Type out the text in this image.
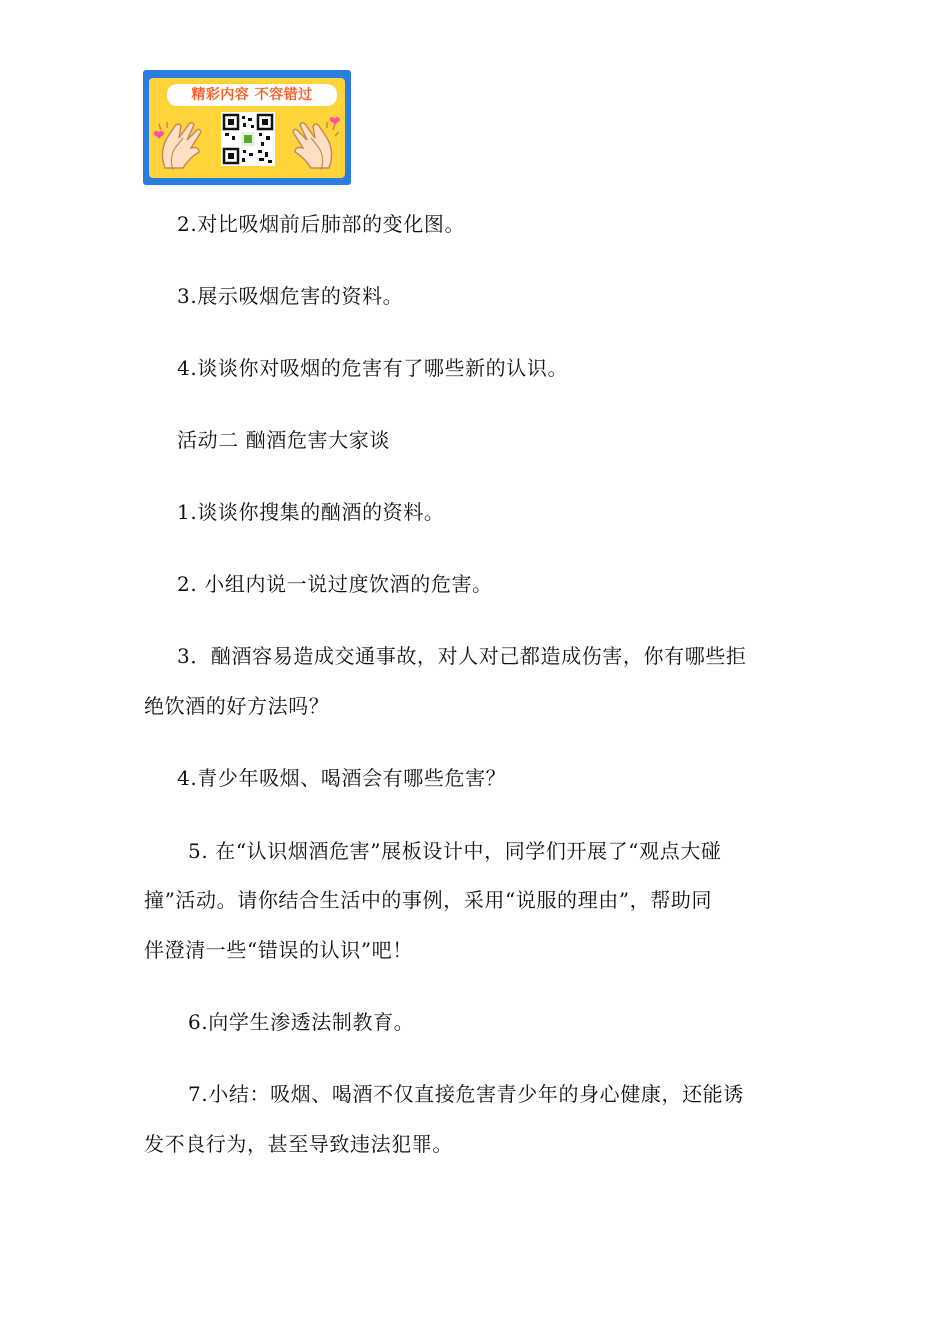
精彩内容 不容错过
❤
❤
2.对比吸烟前后肺部的变化图。
3.展示吸烟危害的资料。
4.谈谈你对吸烟的危害有了哪些新的认识。
活动二 酗酒危害大家谈
1.谈谈你搜集的酗酒的资料。
2. 小组内说一说过度饮酒的危害。
3．酗酒容易造成交通事故，对人对己都造成伤害，你有哪些拒
绝饮酒的好方法吗？
4.青少年吸烟、喝酒会有哪些危害？
5. 在“认识烟酒危害”展板设计中，同学们开展了“观点大碰
撞”活动。请你结合生活中的事例，采用“说服的理由”，帮助同
伴澄清一些“错误的认识”吧！
6.向学生渗透法制教育。
7.小结：吸烟、喝酒不仅直接危害青少年的身心健康，还能诱
发不良行为，甚至导致违法犯罪。
